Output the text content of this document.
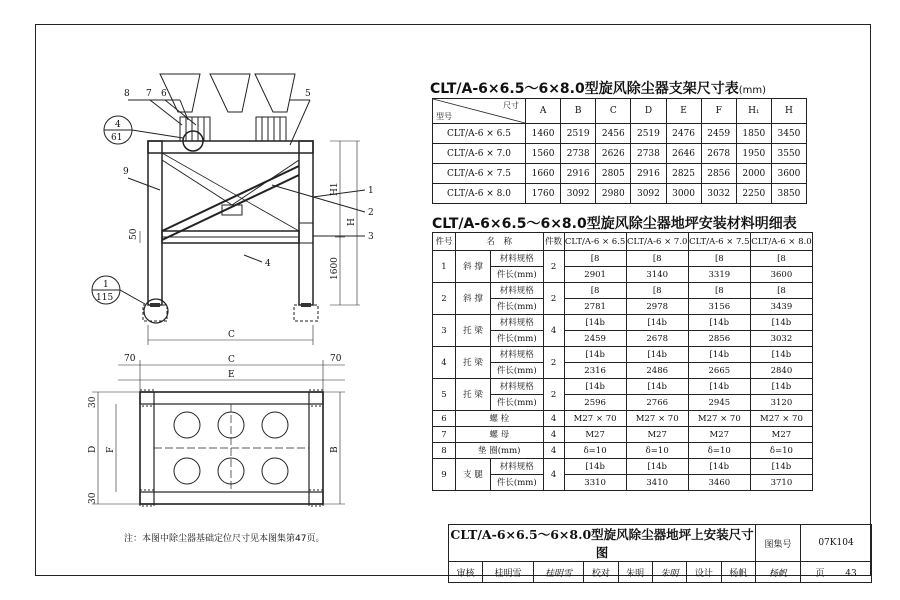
8 7 6	5
4
61
1
115
1
2
3
9
4
C
C
E
70	70
50
1600
H1
H
30
30
D F	B
CLT/A-6×6.5～6×8.0型旋风除尘器支架尺寸表(mm)
尺寸
型号	A	B	C	D	E	F	H₁	H
CLT/A-6 × 6.5	1460	2519	2456	2519	2476	2459	1850	3450
CLT/A-6 × 7.0	1560	2738	2626	2738	2646	2678	1950	3550
CLT/A-6 × 7.5	1660	2916	2805	2916	2825	2856	2000	3600
CLT/A-6 × 8.0	1760	3092	2980	3092	3000	3032	2250	3850
CLT/A-6×6.5～6×8.0型旋风除尘器地坪安装材料明细表
件号	名　称		件数	CLT/A-6 × 6.5	CLT/A-6 × 7.0	CLT/A-6 × 7.5	CLT/A-6 × 8.0
1	斜 撑	材料规格	2	[8	[8	[8	[8
		件长(mm)		2901	3140	3319	3600
2	斜 撑	材料规格	2	[8	[8	[8	[8
		件长(mm)		2781	2978	3156	3439
3	托 梁	材料规格	4	[14b	[14b	[14b	[14b
		件长(mm)		2459	2678	2856	3032
4	托 梁	材料规格	2	[14b	[14b	[14b	[14b
		件长(mm)		2316	2486	2665	2840
5	托 梁	材料规格	2	[14b	[14b	[14b	[14b
		件长(mm)		2596	2766	2945	3120
6	螺 栓		4	M27 × 70	M27 × 70	M27 × 70	M27 × 70
7	螺 母		4	M27	M27	M27	M27
8	垫 圈(mm)		4	δ=10	δ=10	δ=10	δ=10
9	支 腿	材料规格	4	[14b	[14b	[14b	[14b
		件长(mm)		3310	3410	3460	3710
注：本图中除尘器基础定位尺寸见本图集第47页。	CLT/A-6×6.5～6×8.0型旋风除尘器地坪上安装尺寸图								图集号	07K104
审核	桂明雪	桂明雪	校对	朱明	朱明	设计	杨帆	杨帆	页 43
